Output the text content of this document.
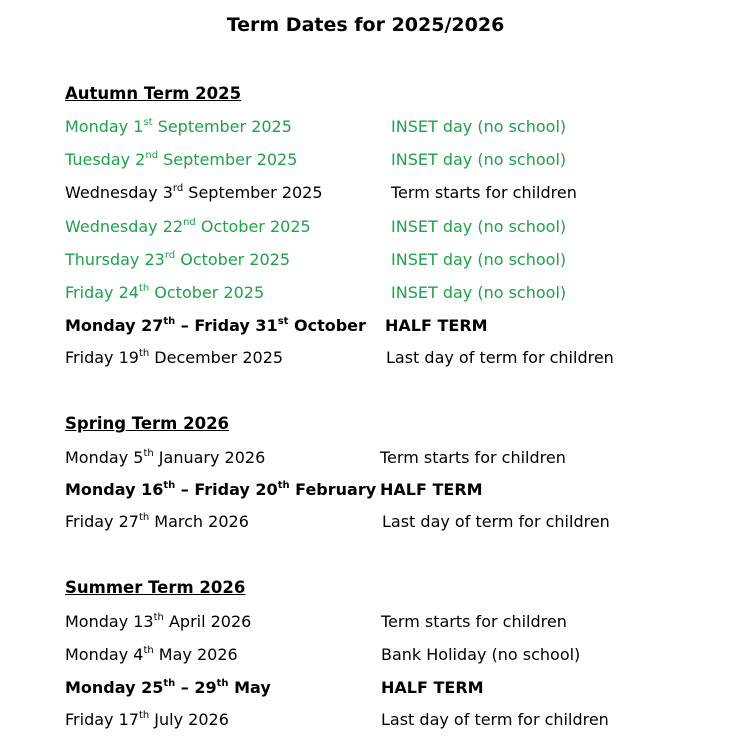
Term Dates for 2025/2026
Autumn Term 2025
Monday 1st September 2025	INSET day (no school)
Tuesday 2nd September 2025	INSET day (no school)
Wednesday 3rd September 2025	Term starts for children
Wednesday 22nd October 2025	INSET day (no school)
Thursday 23rd October 2025	INSET day (no school)
Friday 24th October 2025	INSET day (no school)
Monday 27th – Friday 31st October HALF TERM
Friday 19th December 2025	Last day of term for children
Spring Term 2026
Monday 5th January 2026	Term starts for children
Monday 16th – Friday 20th February HALF TERM
Friday 27th March 2026	Last day of term for children
Summer Term 2026
Monday 13th April 2026	Term starts for children
Monday 4th May 2026	Bank Holiday (no school)
Monday 25th – 29th May	HALF TERM
Friday 17th July 2026	Last day of term for children
